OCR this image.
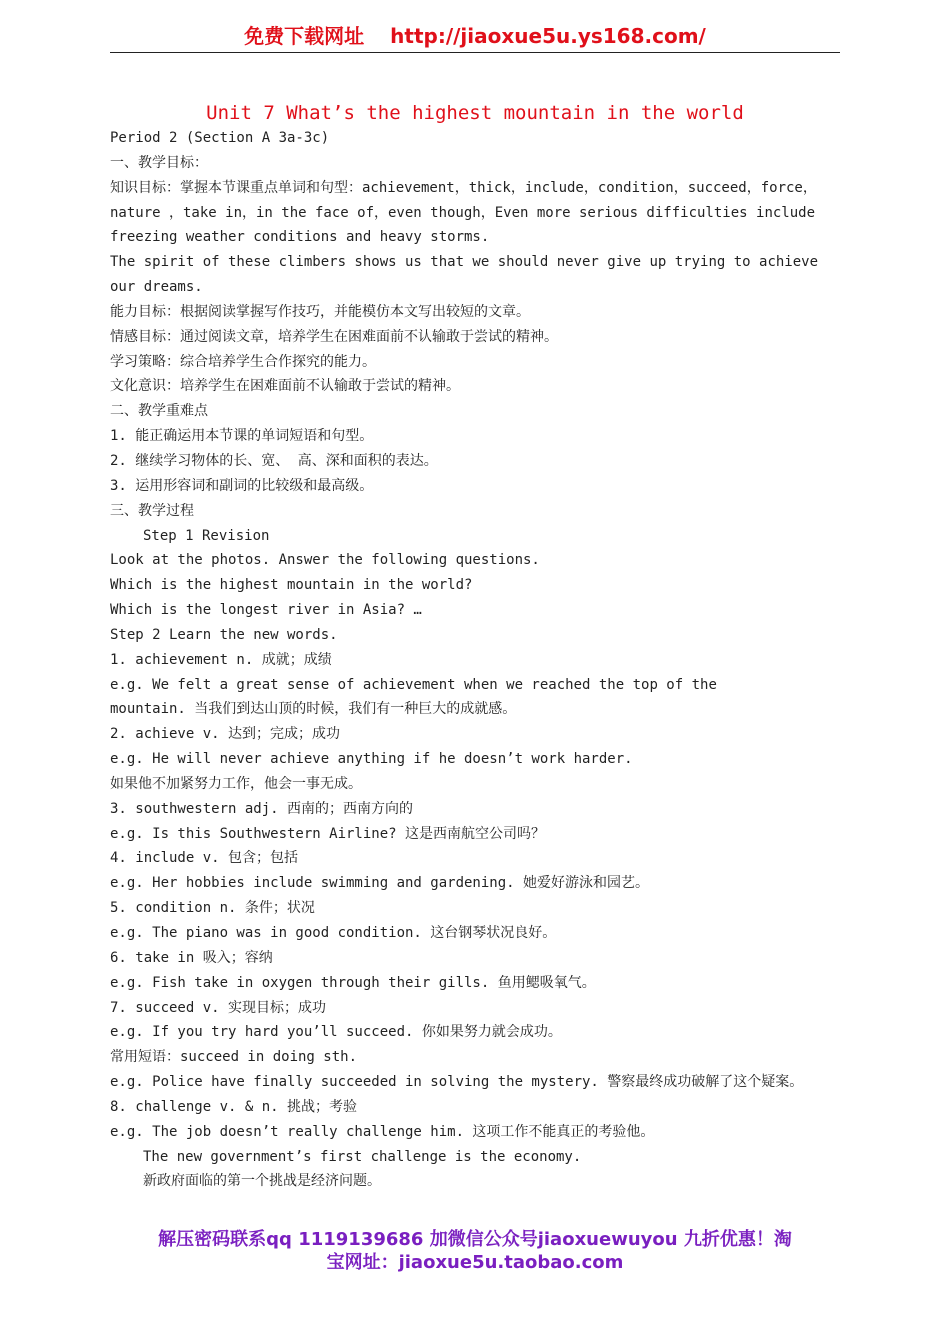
免费下载网址 http://jiaoxue5u.ys168.com/
Unit 7 What’s the highest mountain in the world
Period 2 (Section A 3a-3c)
一、教学目标：
知识目标：掌握本节课重点单词和句型：achievement，thick，include，condition，succeed，force，
nature ，take in，in the face of，even though，Even more serious difficulties include
freezing weather conditions and heavy storms.
The spirit of these climbers shows us that we should never give up trying to achieve
our dreams.
能力目标：根据阅读掌握写作技巧，并能模仿本文写出较短的文章。
情感目标：通过阅读文章，培养学生在困难面前不认输敢于尝试的精神。
学习策略：综合培养学生合作探究的能力。
文化意识：培养学生在困难面前不认输敢于尝试的精神。
二、教学重难点
1. 能正确运用本节课的单词短语和句型。
2. 继续学习物体的长、宽、 高、深和面积的表达。
3. 运用形容词和副词的比较级和最高级。
三、教学过程
Step 1 Revision
Look at the photos. Answer the following questions.
Which is the highest mountain in the world?
Which is the longest river in Asia? …
Step 2 Learn the new words.
1. achievement n. 成就；成绩
e.g. We felt a great sense of achievement when we reached the top of the
mountain. 当我们到达山顶的时候，我们有一种巨大的成就感。
2. achieve v. 达到；完成；成功
e.g. He will never achieve anything if he doesn’t work harder.
如果他不加紧努力工作，他会一事无成。
3. southwestern adj. 西南的；西南方向的
e.g. Is this Southwestern Airline? 这是西南航空公司吗？
4. include v. 包含；包括
e.g. Her hobbies include swimming and gardening. 她爱好游泳和园艺。
5. condition n. 条件；状况
e.g. The piano was in good condition. 这台钢琴状况良好。
6. take in 吸入；容纳
e.g. Fish take in oxygen through their gills. 鱼用鳃吸氧气。
7. succeed v. 实现目标；成功
e.g. If you try hard you’ll succeed. 你如果努力就会成功。
常用短语：succeed in doing sth.
e.g. Police have finally succeeded in solving the mystery. 警察最终成功破解了这个疑案。
8. challenge v. & n. 挑战；考验
e.g. The job doesn’t really challenge him. 这项工作不能真正的考验他。
The new government’s first challenge is the economy.
新政府面临的第一个挑战是经济问题。
解压密码联系qq 1119139686 加微信公众号jiaoxuewuyou 九折优惠！淘
宝网址：jiaoxue5u.taobao.com
